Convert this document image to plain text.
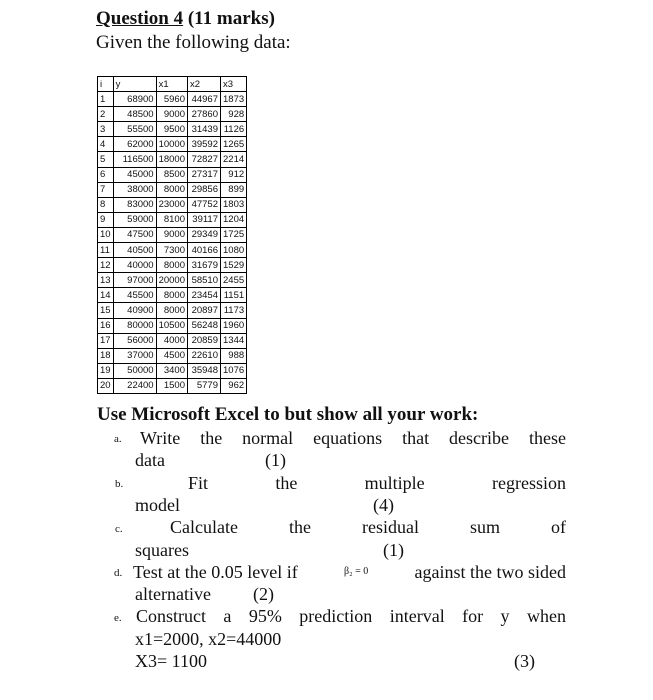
Question 4 (11 marks)
Given the following data:
i	y	x1	x2	x3
1	68900	5960	44967	1873
2	48500	9000	27860	928
3	55500	9500	31439	1126
4	62000	10000	39592	1265
5	116500	18000	72827	2214
6	45000	8500	27317	912
7	38000	8000	29856	899
8	83000	23000	47752	1803
9	59000	8100	39117	1204
10	47500	9000	29349	1725
11	40500	7300	40166	1080
12	40000	8000	31679	1529
13	97000	20000	58510	2455
14	45500	8000	23454	1151
15	40900	8000	20897	1173
16	80000	10500	56248	1960
17	56000	4000	20859	1344
18	37000	4500	22610	988
19	50000	3400	35948	1076
20	22400	1500	5779	962
Use Microsoft Excel to but show all your work:
a. Write the normal equations that describe these
data	(1)
b.	Fit	the	multiple	regression
model	(4)
c.	Calculate	the	residual	sum	of
squares	(1)
d. Test at the 0.05 level if	β₂ = 0	against the two sided
alternative (2)
e. Construct a 95% prediction interval for y when
x1=2000, x2=44000
X3= 1100	(3)
